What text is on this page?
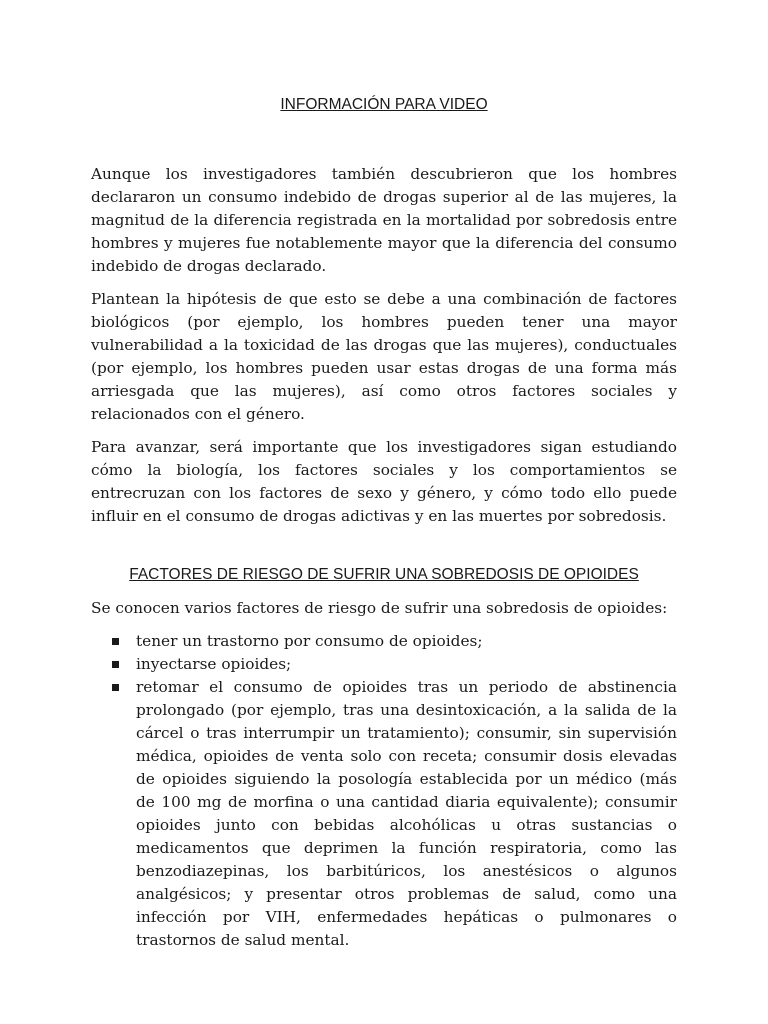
INFORMACIÓN PARA VIDEO

Aunque los investigadores también descubrieron que los hombres declararon un consumo indebido de drogas superior al de las mujeres, la magnitud de la diferencia registrada en la mortalidad por sobredosis entre hombres y mujeres fue notablemente mayor que la diferencia del consumo indebido de drogas declarado.

Plantean la hipótesis de que esto se debe a una combinación de factores biológicos (por ejemplo, los hombres pueden tener una mayor vulnerabilidad a la toxicidad de las drogas que las mujeres), conductuales (por ejemplo, los hombres pueden usar estas drogas de una forma más arriesgada que las mujeres), así como otros factores sociales y relacionados con el género.

Para avanzar, será importante que los investigadores sigan estudiando cómo la biología, los factores sociales y los comportamientos se entrecruzan con los factores de sexo y género, y cómo todo ello puede influir en el consumo de drogas adictivas y en las muertes por sobredosis.

FACTORES DE RIESGO DE SUFRIR UNA SOBREDOSIS DE OPIOIDES

Se conocen varios factores de riesgo de sufrir una sobredosis de opioides:

tener un trastorno por consumo de opioides;
inyectarse opioides;
retomar el consumo de opioides tras un periodo de abstinencia prolongado (por ejemplo, tras una desintoxicación, a la salida de la cárcel o tras interrumpir un tratamiento); consumir, sin supervisión médica, opioides de venta solo con receta; consumir dosis elevadas de opioides siguiendo la posología establecida por un médico (más de 100 mg de morfina o una cantidad diaria equivalente); consumir opioides junto con bebidas alcohólicas u otras sustancias o medicamentos que deprimen la función respiratoria, como las benzodiazepinas, los barbitúricos, los anestésicos o algunos analgésicos; y presentar otros problemas de salud, como una infección por VIH, enfermedades hepáticas o pulmonares o trastornos de salud mental.
